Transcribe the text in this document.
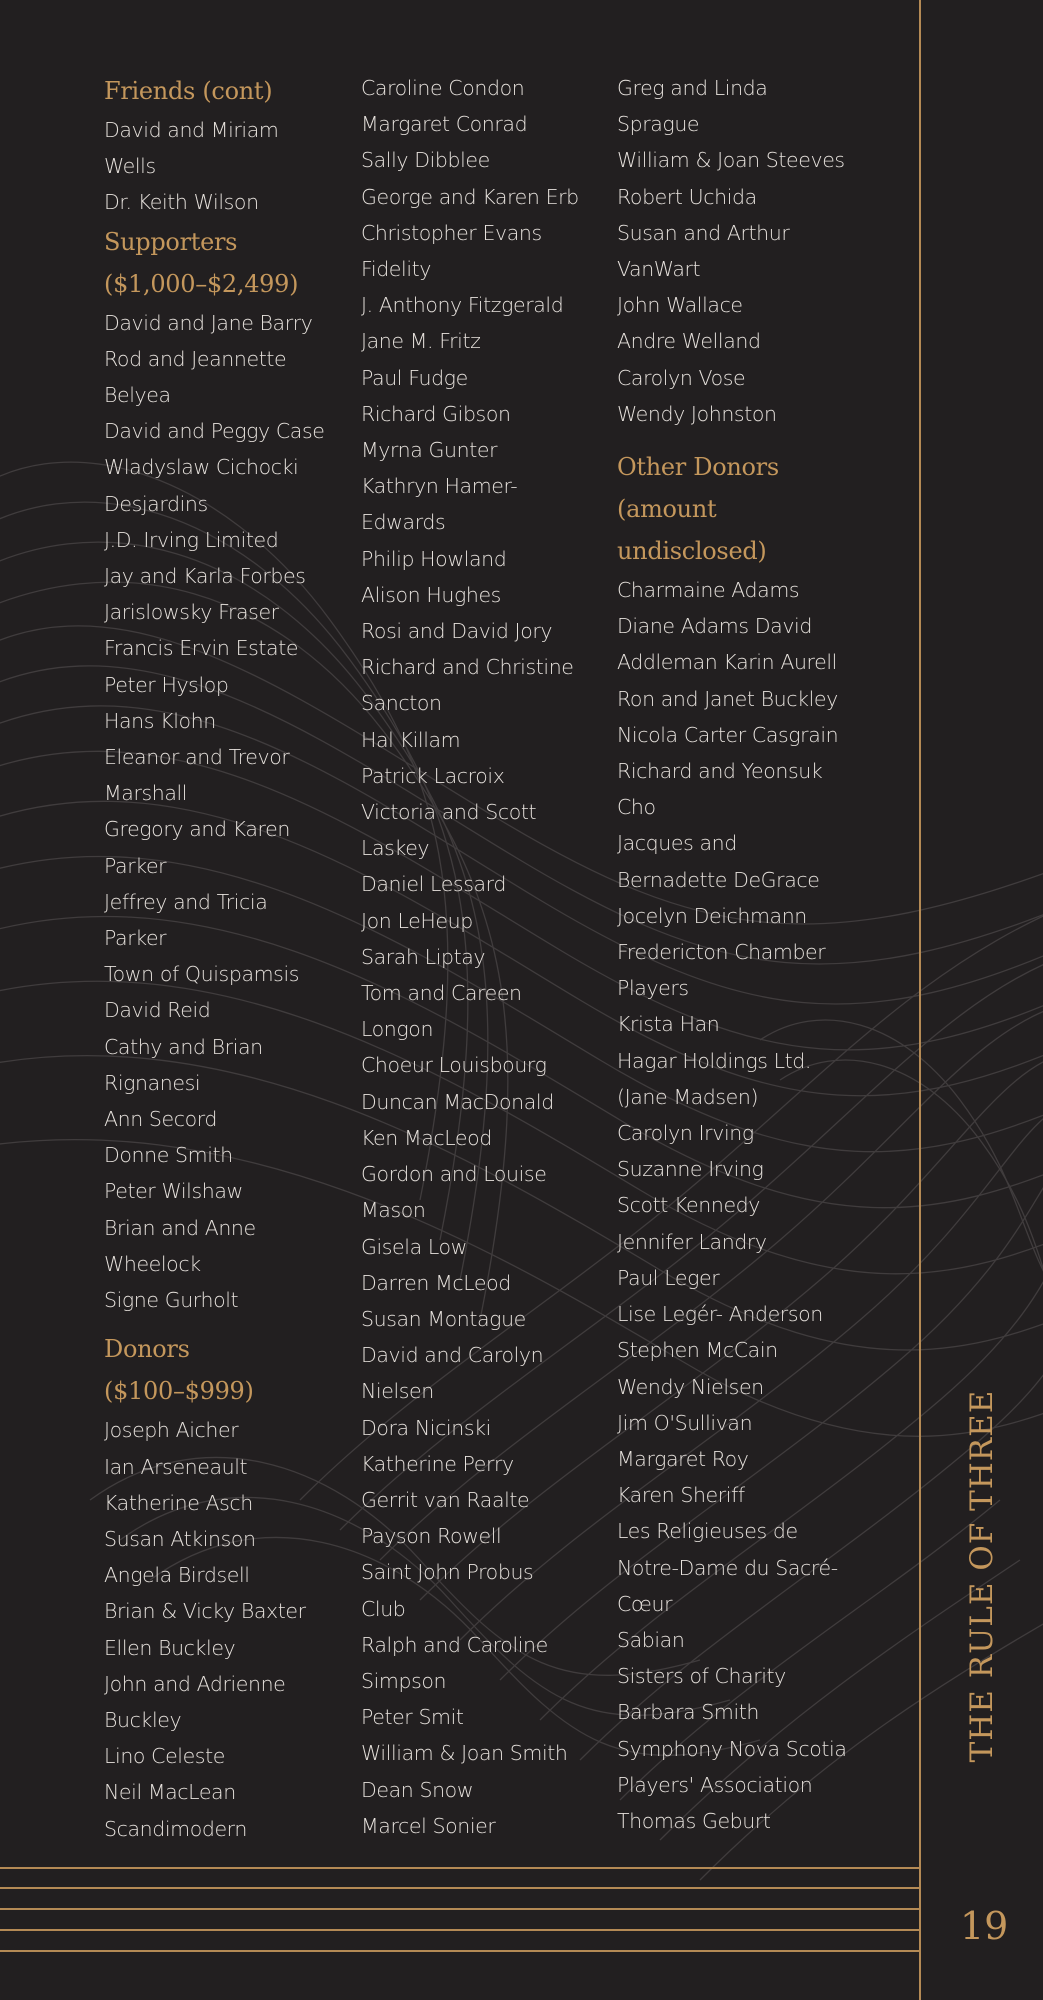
Friends (cont)
David and Miriam
Wells
Dr. Keith Wilson
Supporters
($1,000–$2,499)
David and Jane Barry
Rod and Jeannette
Belyea
David and Peggy Case
Wladyslaw Cichocki
Desjardins
J.D. Irving Limited
Jay and Karla Forbes
Jarislowsky Fraser
Francis Ervin Estate
Peter Hyslop
Hans Klohn
Eleanor and Trevor
Marshall
Gregory and Karen
Parker
Jeffrey and Tricia
Parker
Town of Quispamsis
David Reid
Cathy and Brian
Rignanesi
Ann Secord
Donne Smith
Peter Wilshaw
Brian and Anne
Wheelock
Signe Gurholt
Donors
($100–$999)
Joseph Aicher
Ian Arseneault
Katherine Asch
Susan Atkinson
Angela Birdsell
Brian & Vicky Baxter
Ellen Buckley
John and Adrienne
Buckley
Lino Celeste
Neil MacLean
Scandimodern
Caroline Condon
Margaret Conrad
Sally Dibblee
George and Karen Erb
Christopher Evans
Fidelity
J. Anthony Fitzgerald
Jane M. Fritz
Paul Fudge
Richard Gibson
Myrna Gunter
Kathryn Hamer-
Edwards
Philip Howland
Alison Hughes
Rosi and David Jory
Richard and Christine
Sancton
Hal Killam
Patrick Lacroix
Victoria and Scott
Laskey
Daniel Lessard
Jon LeHeup
Sarah Liptay
Tom and Careen
Longon
Choeur Louisbourg
Duncan MacDonald
Ken MacLeod
Gordon and Louise
Mason
Gisela Low
Darren McLeod
Susan Montague
David and Carolyn
Nielsen
Dora Nicinski
Katherine Perry
Gerrit van Raalte
Payson Rowell
Saint John Probus
Club
Ralph and Caroline
Simpson
Peter Smit
William & Joan Smith
Dean Snow
Marcel Sonier
Greg and Linda
Sprague
William & Joan Steeves
Robert Uchida
Susan and Arthur
VanWart
John Wallace
Andre Welland
Carolyn Vose
Wendy Johnston
Other Donors
(amount
undisclosed)
Charmaine Adams
Diane Adams David
Addleman Karin Aurell
Ron and Janet Buckley
Nicola Carter Casgrain
Richard and Yeonsuk
Cho
Jacques and
Bernadette DeGrace
Jocelyn Deichmann
Fredericton Chamber
Players
Krista Han
Hagar Holdings Ltd.
(Jane Madsen)
Carolyn Irving
Suzanne Irving
Scott Kennedy
Jennifer Landry
Paul Leger
Lise Legér- Anderson
Stephen McCain
Wendy Nielsen
Jim O'Sullivan
Margaret Roy
Karen Sheriff
Les Religieuses de
Notre-Dame du Sacré-
Cœur
Sabian
Sisters of Charity
Barbara Smith
Symphony Nova Scotia
Players' Association
Thomas Geburt
THE RULE OF THREE
19
